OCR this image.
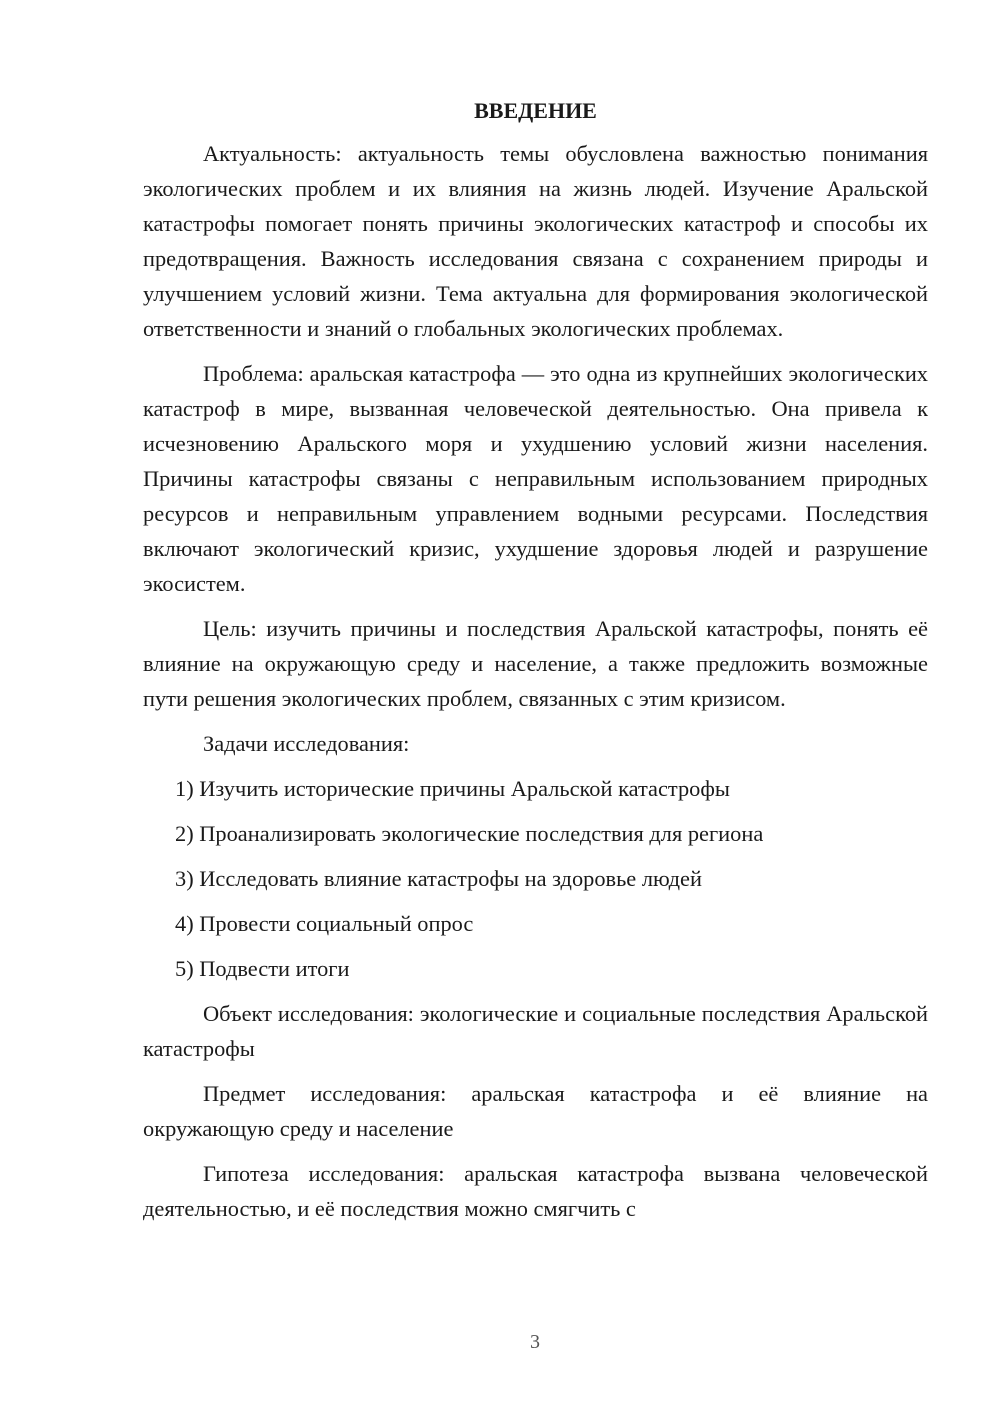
ВВЕДЕНИЕ

Актуальность: актуальность темы обусловлена важностью понимания экологических проблем и их влияния на жизнь людей. Изучение Аральской катастрофы помогает понять причины экологических катастроф и способы их предотвращения. Важность исследования связана с сохранением природы и улучшением условий жизни. Тема актуальна для формирования экологической ответственности и знаний о глобальных экологических проблемах.

Проблема: аральская катастрофа — это одна из крупнейших экологических катастроф в мире, вызванная человеческой деятельностью. Она привела к исчезновению Аральского моря и ухудшению условий жизни населения. Причины катастрофы связаны с неправильным использованием природных ресурсов и неправильным управлением водными ресурсами. Последствия включают экологический кризис, ухудшение здоровья людей и разрушение экосистем.

Цель: изучить причины и последствия Аральской катастрофы, понять её влияние на окружающую среду и население, а также предложить возможные пути решения экологических проблем, связанных с этим кризисом.

Задачи исследования:

1) Изучить исторические причины Аральской катастрофы
2) Проанализировать экологические последствия для региона
3) Исследовать влияние катастрофы на здоровье людей
4) Провести социальный опрос
5) Подвести итоги

Объект исследования: экологические и социальные последствия Аральской катастрофы

Предмет исследования: аральская катастрофа и её влияние на окружающую среду и население

Гипотеза исследования: аральская катастрофа вызвана человеческой деятельностью, и её последствия можно смягчить с

3
